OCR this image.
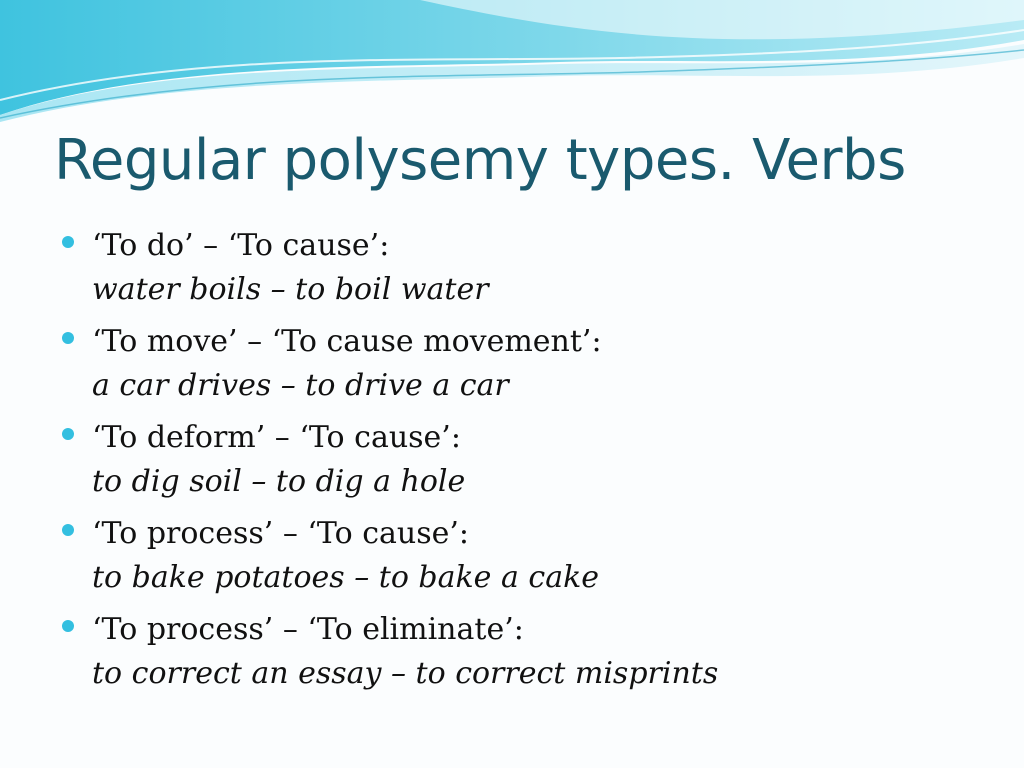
Regular polysemy types. Verbs
‘To do’ – ‘To cause’:
water boils – to boil water
‘To move’ – ‘To cause movement’:
a car drives – to drive a car
‘To deform’ – ‘To cause’:
to dig soil – to dig a hole
‘To process’ – ‘To cause’:
to bake potatoes – to bake a cake
‘To process’ – ‘To eliminate’:
to correct an essay – to correct misprints
